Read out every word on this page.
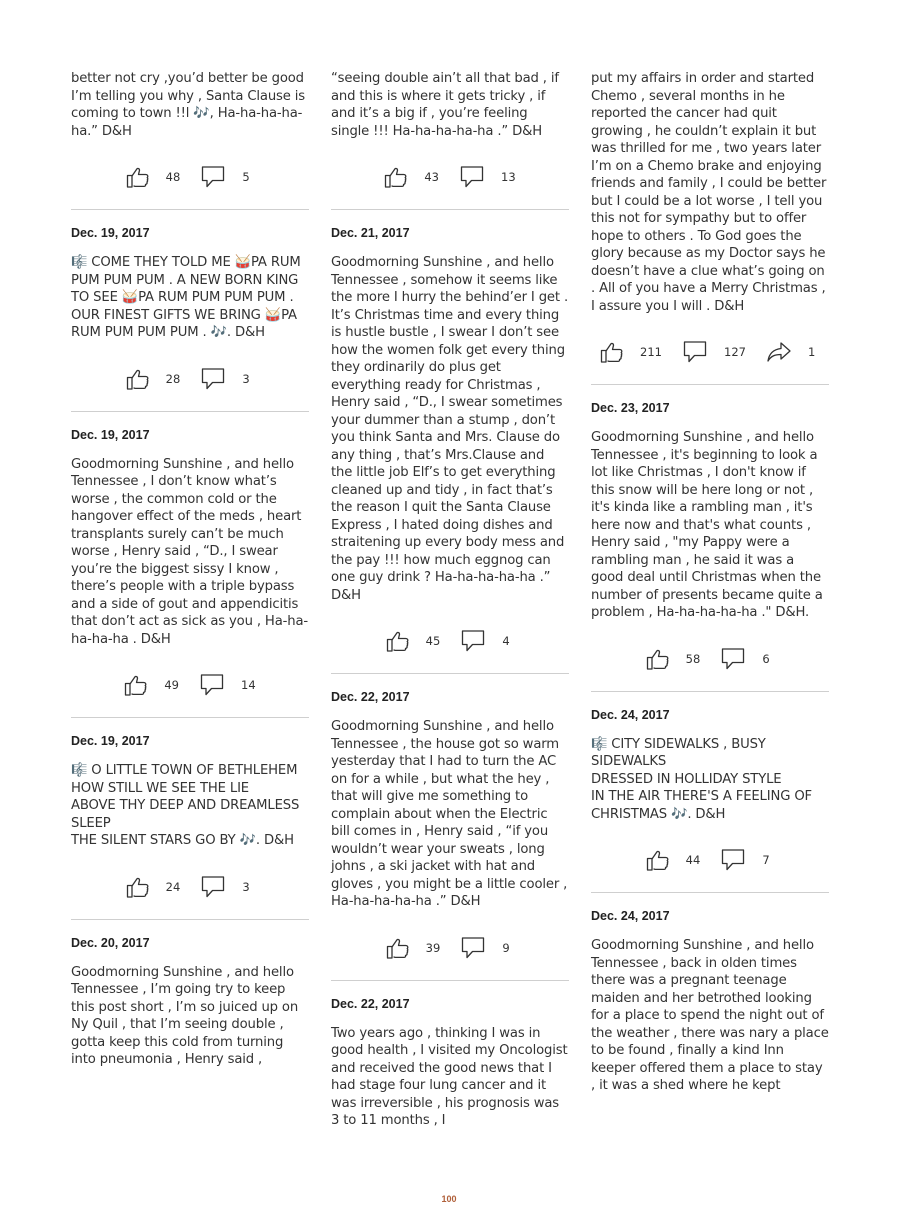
better not cry ,you’d better be good I’m telling you why , Santa Clause is coming to town !!l 🎶, Ha-ha-ha-ha-ha.” D&H

48	5
Dec. 19, 2017

🎼 COME THEY TOLD ME 🥁PA RUM PUM PUM PUM . A NEW BORN KING TO SEE 🥁PA RUM PUM PUM PUM . OUR FINEST GIFTS WE BRING 🥁PA RUM PUM PUM PUM . 🎶. D&H

28	3
Dec. 19, 2017

Goodmorning Sunshine , and hello Tennessee , I don’t know what’s worse , the common cold or the hangover effect of the meds , heart transplants surely can’t be much worse , Henry said , “D., I swear you’re the biggest sissy I know , there’s people with a triple bypass and a side of gout and appendicitis that don’t act as sick as you , Ha-ha-ha-ha-ha . D&H

49	14
Dec. 19, 2017

🎼 O LITTLE TOWN OF BETHLEHEM
HOW STILL WE SEE THE LIE
ABOVE THY DEEP AND DREAMLESS SLEEP
THE SILENT STARS GO BY 🎶. D&H

24	3
Dec. 20, 2017

Goodmorning Sunshine , and hello Tennessee , I’m going try to keep this post short , I’m so juiced up on Ny Quil , that I’m seeing double , gotta keep this cold from turning into pneumonia , Henry said ,

“seeing double ain’t all that bad , if and this is where it gets tricky , if and it’s a big if , you’re feeling single !!! Ha-ha-ha-ha-ha .” D&H

43	13
Dec. 21, 2017

Goodmorning Sunshine , and hello Tennessee , somehow it seems like the more I hurry the behind’er I get . It’s Christmas time and every thing is hustle bustle , I swear I don’t see how the women folk get every thing they ordinarily do plus get everything ready for Christmas , Henry said , “D., I swear sometimes your dummer than a stump , don’t you think Santa and Mrs. Clause do any thing , that’s Mrs.Clause and the little job Elf’s to get everything cleaned up and tidy , in fact that’s the reason I quit the Santa Clause Express , I hated doing dishes and straitening up every body mess and the pay !!! how much eggnog can one guy drink ? Ha-ha-ha-ha-ha .” D&H

45	4
Dec. 22, 2017

Goodmorning Sunshine , and hello Tennessee , the house got so warm yesterday that I had to turn the AC on for a while , but what the hey , that will give me something to complain about when the Electric bill comes in , Henry said , “if you wouldn’t wear your sweats , long johns , a ski jacket with hat and gloves , you might be a little cooler , Ha-ha-ha-ha-ha .” D&H

39	9
Dec. 22, 2017

Two years ago , thinking I was in good health , I visited my Oncologist and received the good news that I had stage four lung cancer and it was irreversible , his prognosis was 3 to 11 months , I

put my affairs in order and started Chemo , several months in he reported the cancer had quit growing , he couldn’t explain it but was thrilled for me , two years later I’m on a Chemo brake and enjoying friends and family , I could be better but I could be a lot worse , I tell you this not for sympathy but to offer hope to others . To God goes the glory because as my Doctor says he doesn’t have a clue what’s going on . All of you have a Merry Christmas , I assure you I will . D&H

211	127	1
Dec. 23, 2017

Goodmorning Sunshine , and hello Tennessee , it's beginning to look a lot like Christmas , I don't know if this snow will be here long or not , it's kinda like a rambling man , it's here now and that's what counts , Henry said , "my Pappy were a rambling man , he said it was a good deal until Christmas when the number of presents became quite a problem , Ha-ha-ha-ha-ha ." D&H.

58	6
Dec. 24, 2017

🎼 CITY SIDEWALKS , BUSY SIDEWALKS
DRESSED IN HOLLIDAY STYLE
IN THE AIR THERE'S A FEELING OF CHRISTMAS 🎶. D&H

44	7
Dec. 24, 2017

Goodmorning Sunshine , and hello Tennessee , back in olden times there was a pregnant teenage maiden and her betrothed looking for a place to spend the night out of the weather , there was nary a place to be found , finally a kind Inn keeper offered them a place to stay , it was a shed where he kept

100
